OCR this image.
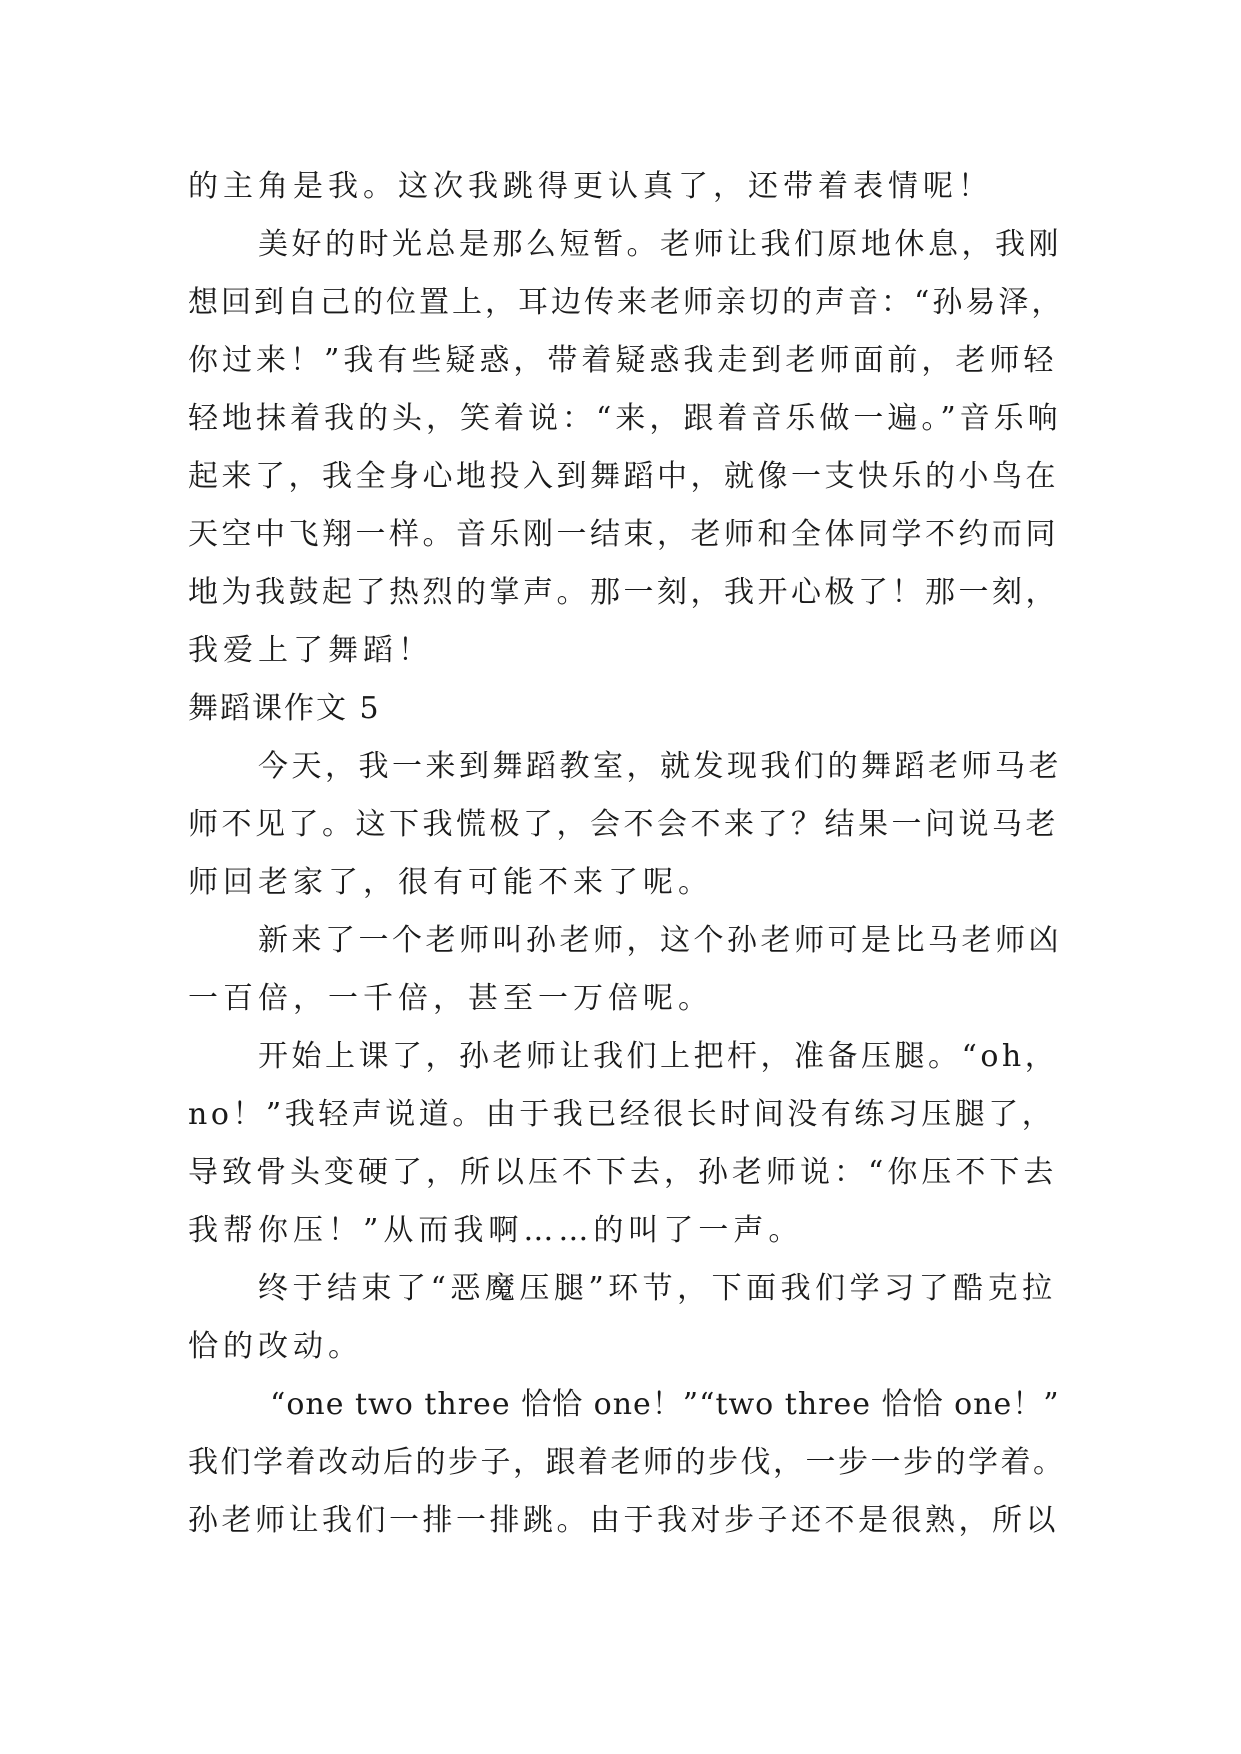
的主角是我。这次我跳得更认真了，还带着表情呢！
美好的时光总是那么短暂。老师让我们原地休息，我刚
想回到自己的位置上，耳边传来老师亲切的声音：“孙易泽，
你过来！”我有些疑惑，带着疑惑我走到老师面前，老师轻
轻地抹着我的头，笑着说：“来，跟着音乐做一遍。”音乐响
起来了，我全身心地投入到舞蹈中，就像一支快乐的小鸟在
天空中飞翔一样。音乐刚一结束，老师和全体同学不约而同
地为我鼓起了热烈的掌声。那一刻，我开心极了！那一刻，
我爱上了舞蹈！
舞蹈课作文 5
今天，我一来到舞蹈教室，就发现我们的舞蹈老师马老
师不见了。这下我慌极了，会不会不来了？结果一问说马老
师回老家了，很有可能不来了呢。
新来了一个老师叫孙老师，这个孙老师可是比马老师凶
一百倍，一千倍，甚至一万倍呢。
开始上课了，孙老师让我们上把杆，准备压腿。“oh，
no！”我轻声说道。由于我已经很长时间没有练习压腿了，
导致骨头变硬了，所以压不下去，孙老师说：“你压不下去
我帮你压！”从而我啊……的叫了一声。
终于结束了“恶魔压腿”环节，下面我们学习了酷克拉
恰的改动。
“one two three 恰恰 one！”“two three 恰恰 one！”
我们学着改动后的步子，跟着老师的步伐，一步一步的学着。
孙老师让我们一排一排跳。由于我对步子还不是很熟，所以
